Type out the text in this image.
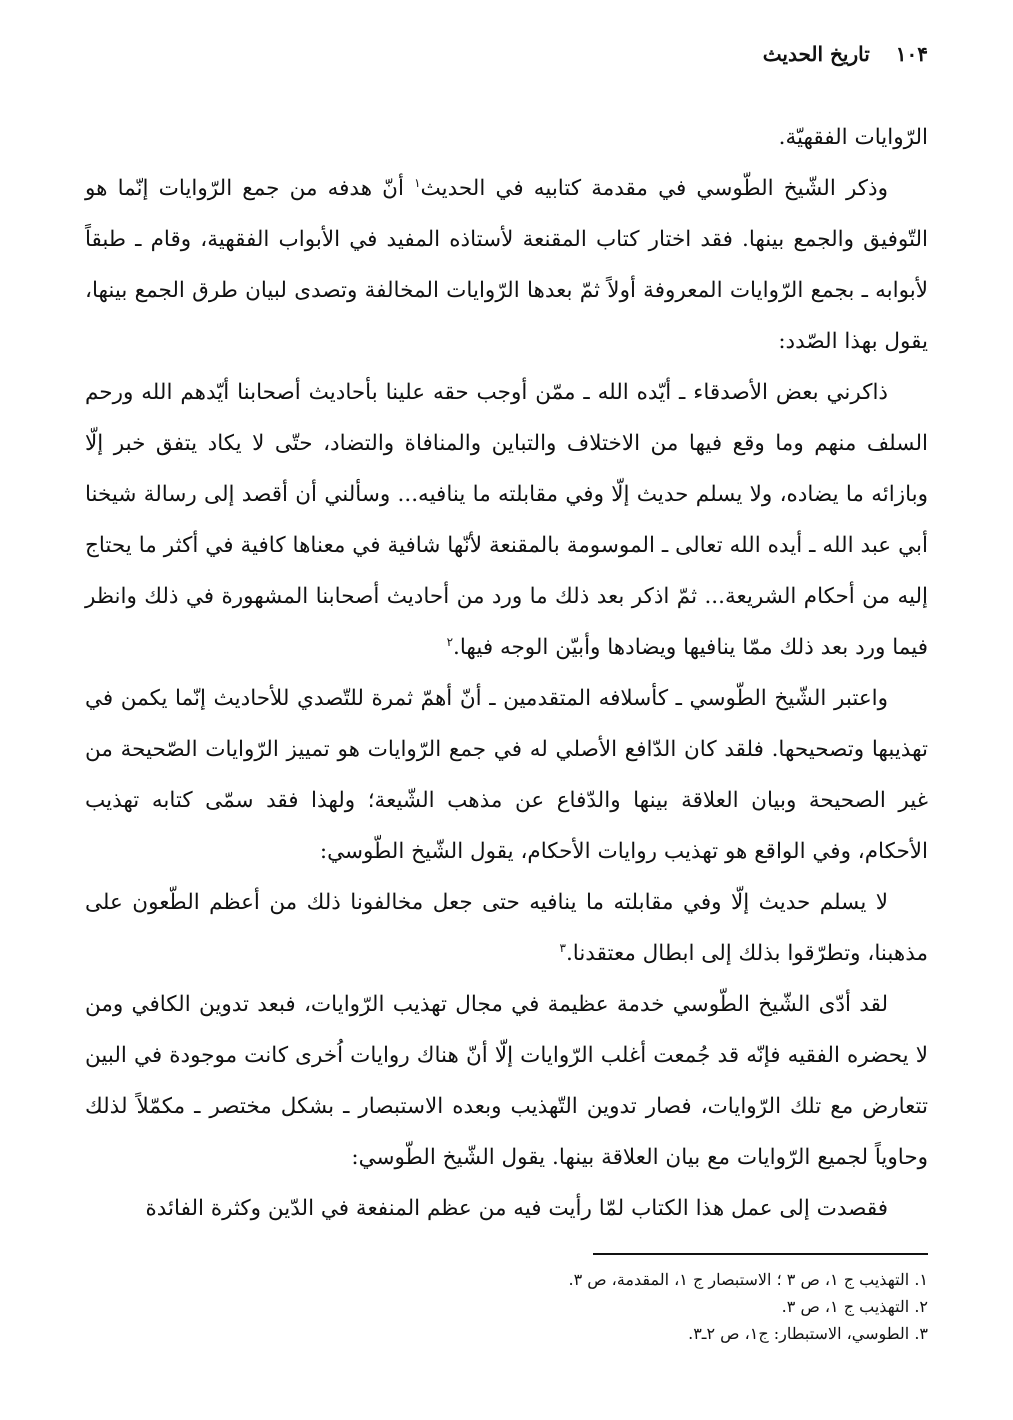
١٠۴
تاريخ الحديث

الرّوايات الفقهيّة.

وذكر الشّيخ الطّوسي في مقدمة كتابيه في الحديث$^١$ أنّ هدفه من جمع الرّوايات إنّما هو التّوفيق والجمع بينها. فقد اختار كتاب المقنعة لأستاذه المفيد في الأبواب الفقهية، وقام ـ طبقاً لأبوابه ـ بجمع الرّوايات المعروفة أولاً ثمّ بعدها الرّوايات المخالفة وتصدى لبيان طرق الجمع بينها، يقول بهذا الصّدد:

ذاكرني بعض الأصدقاء ـ أيّده الله ـ ممّن أوجب حقه علينا بأحاديث أصحابنا أيّدهم الله ورحم السلف منهم وما وقع فيها من الاختلاف والتباين والمنافاة والتضاد، حتّى لا يكاد يتفق خبر إلّا وبازائه ما يضاده، ولا يسلم حديث إلّا وفي مقابلته ما ينافيه... وسألني أن أقصد إلى رسالة شيخنا أبي عبد الله ـ أيده الله تعالى ـ الموسومة بالمقنعة لأنّها شافية في معناها كافية في أكثر ما يحتاج إليه من أحكام الشريعة... ثمّ اذكر بعد ذلك ما ورد من أحاديث أصحابنا المشهورة في ذلك وانظر فيما ورد بعد ذلك ممّا ينافيها ويضادها وأبيّن الوجه فيها.$^٢$

واعتبر الشّيخ الطّوسي ـ كأسلافه المتقدمين ـ أنّ أهمّ ثمرة للتّصدي للأحاديث إنّما يكمن في تهذيبها وتصحيحها. فلقد كان الدّافع الأصلي له في جمع الرّوايات هو تمييز الرّوايات الصّحيحة من غير الصحيحة وبيان العلاقة بينها والدّفاع عن مذهب الشّيعة؛ ولهذا فقد سمّى كتابه تهذيب الأحكام، وفي الواقع هو تهذيب روايات الأحكام، يقول الشّيخ الطّوسي:

لا يسلم حديث إلّا وفي مقابلته ما ينافيه حتى جعل مخالفونا ذلك من أعظم الطّعون على مذهبنا، وتطرّقوا بذلك إلى ابطال معتقدنا.$^٣$

لقد أدّى الشّيخ الطّوسي خدمة عظيمة في مجال تهذيب الرّوايات، فبعد تدوين الكافي ومن لا يحضره الفقيه فإنّه قد جُمعت أغلب الرّوايات إلّا أنّ هناك روايات اُخرى كانت موجودة في البين تتعارض مع تلك الرّوايات، فصار تدوين التّهذيب وبعده الاستبصار ـ بشكل مختصر ـ مكمّلاً لذلك وحاوياً لجميع الرّوايات مع بيان العلاقة بينها. يقول الشّيخ الطّوسي:

فقصدت إلى عمل هذا الكتاب لمّا رأيت فيه من عظم المنفعة في الدّين وكثرة الفائدة

١. التهذيب ج ١، ص ٣ ؛ الاستبصار ج ١، المقدمة، ص ٣.
٢. التهذيب ج ١، ص ٣.
٣. الطوسي، الاستبطار: ج١، ص ٢ـ٣.
